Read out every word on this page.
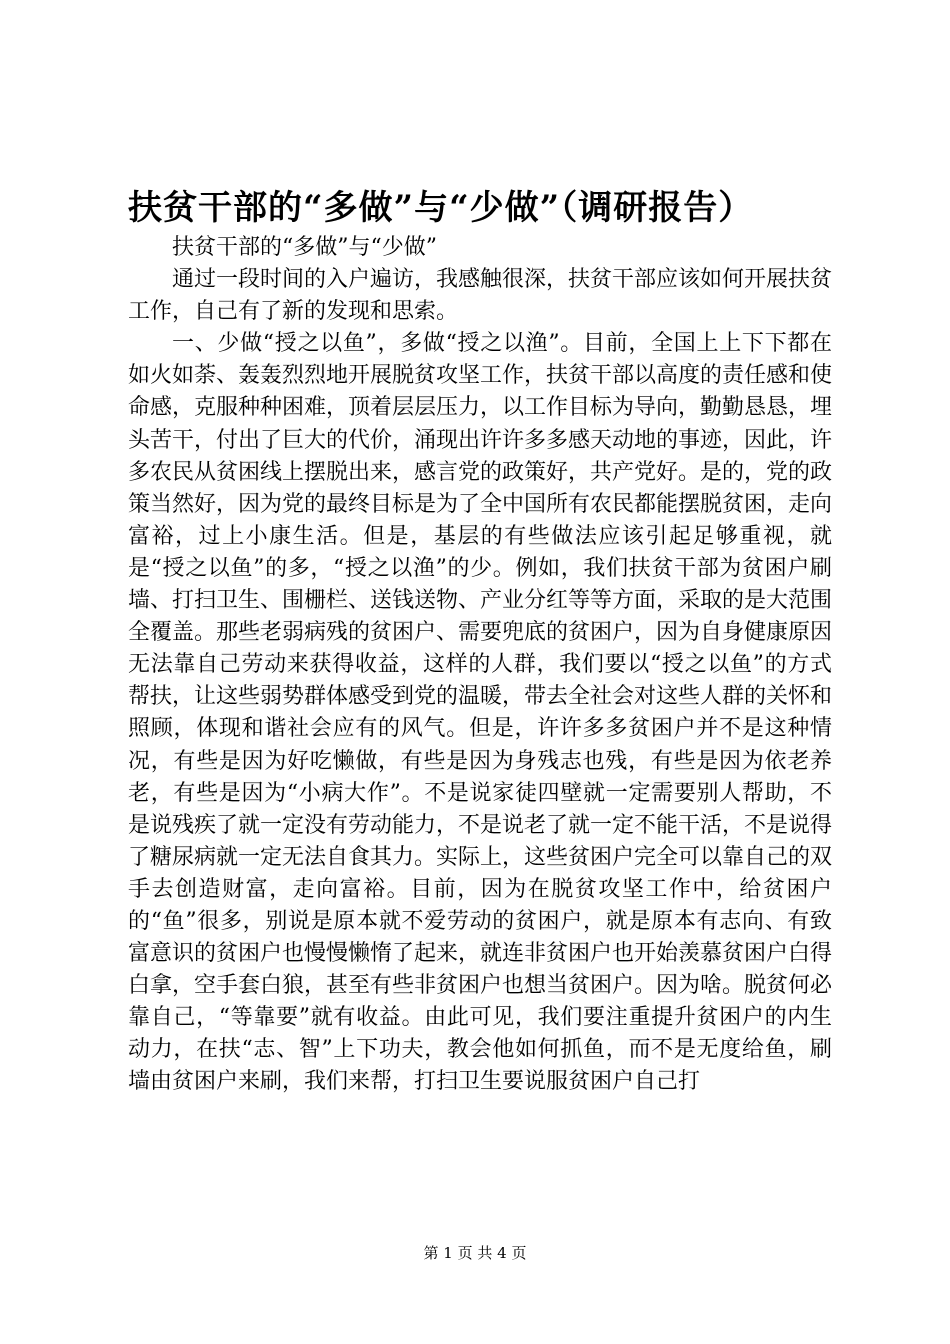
扶贫干部的“多做”与“少做”（调研报告）

扶贫干部的“多做”与“少做”

通过一段时间的入户遍访，我感触很深，扶贫干部应该如何开展扶贫工作，自己有了新的发现和思索。

一、少做“授之以鱼”，多做“授之以渔”。目前，全国上上下下都在如火如荼、轰轰烈烈地开展脱贫攻坚工作，扶贫干部以高度的责任感和使命感，克服种种困难，顶着层层压力，以工作目标为导向，勤勤恳恳，埋头苦干，付出了巨大的代价，涌现出许许多多感天动地的事迹，因此，许多农民从贫困线上摆脱出来，感言党的政策好，共产党好。是的，党的政策当然好，因为党的最终目标是为了全中国所有农民都能摆脱贫困，走向富裕，过上小康生活。但是，基层的有些做法应该引起足够重视，就是“授之以鱼”的多，“授之以渔”的少。例如，我们扶贫干部为贫困户刷墙、打扫卫生、围栅栏、送钱送物、产业分红等等方面，采取的是大范围全覆盖。那些老弱病残的贫困户、需要兜底的贫困户，因为自身健康原因无法靠自己劳动来获得收益，这样的人群，我们要以“授之以鱼”的方式帮扶，让这些弱势群体感受到党的温暖，带去全社会对这些人群的关怀和照顾，体现和谐社会应有的风气。但是，许许多多贫困户并不是这种情况，有些是因为好吃懒做，有些是因为身残志也残，有些是因为依老养老，有些是因为“小病大作”。不是说家徒四壁就一定需要别人帮助，不是说残疾了就一定没有劳动能力，不是说老了就一定不能干活，不是说得了糖尿病就一定无法自食其力。实际上，这些贫困户完全可以靠自己的双手去创造财富，走向富裕。目前，因为在脱贫攻坚工作中，给贫困户的“鱼”很多，别说是原本就不爱劳动的贫困户，就是原本有志向、有致富意识的贫困户也慢慢懒惰了起来，就连非贫困户也开始羡慕贫困户白得白拿，空手套白狼，甚至有些非贫困户也想当贫困户。因为啥。脱贫何必靠自己，“等靠要”就有收益。由此可见，我们要注重提升贫困户的内生动力，在扶“志、智”上下功夫，教会他如何抓鱼，而不是无度给鱼，刷墙由贫困户来刷，我们来帮，打扫卫生要说服贫困户自己打

第 1 页 共 4 页
